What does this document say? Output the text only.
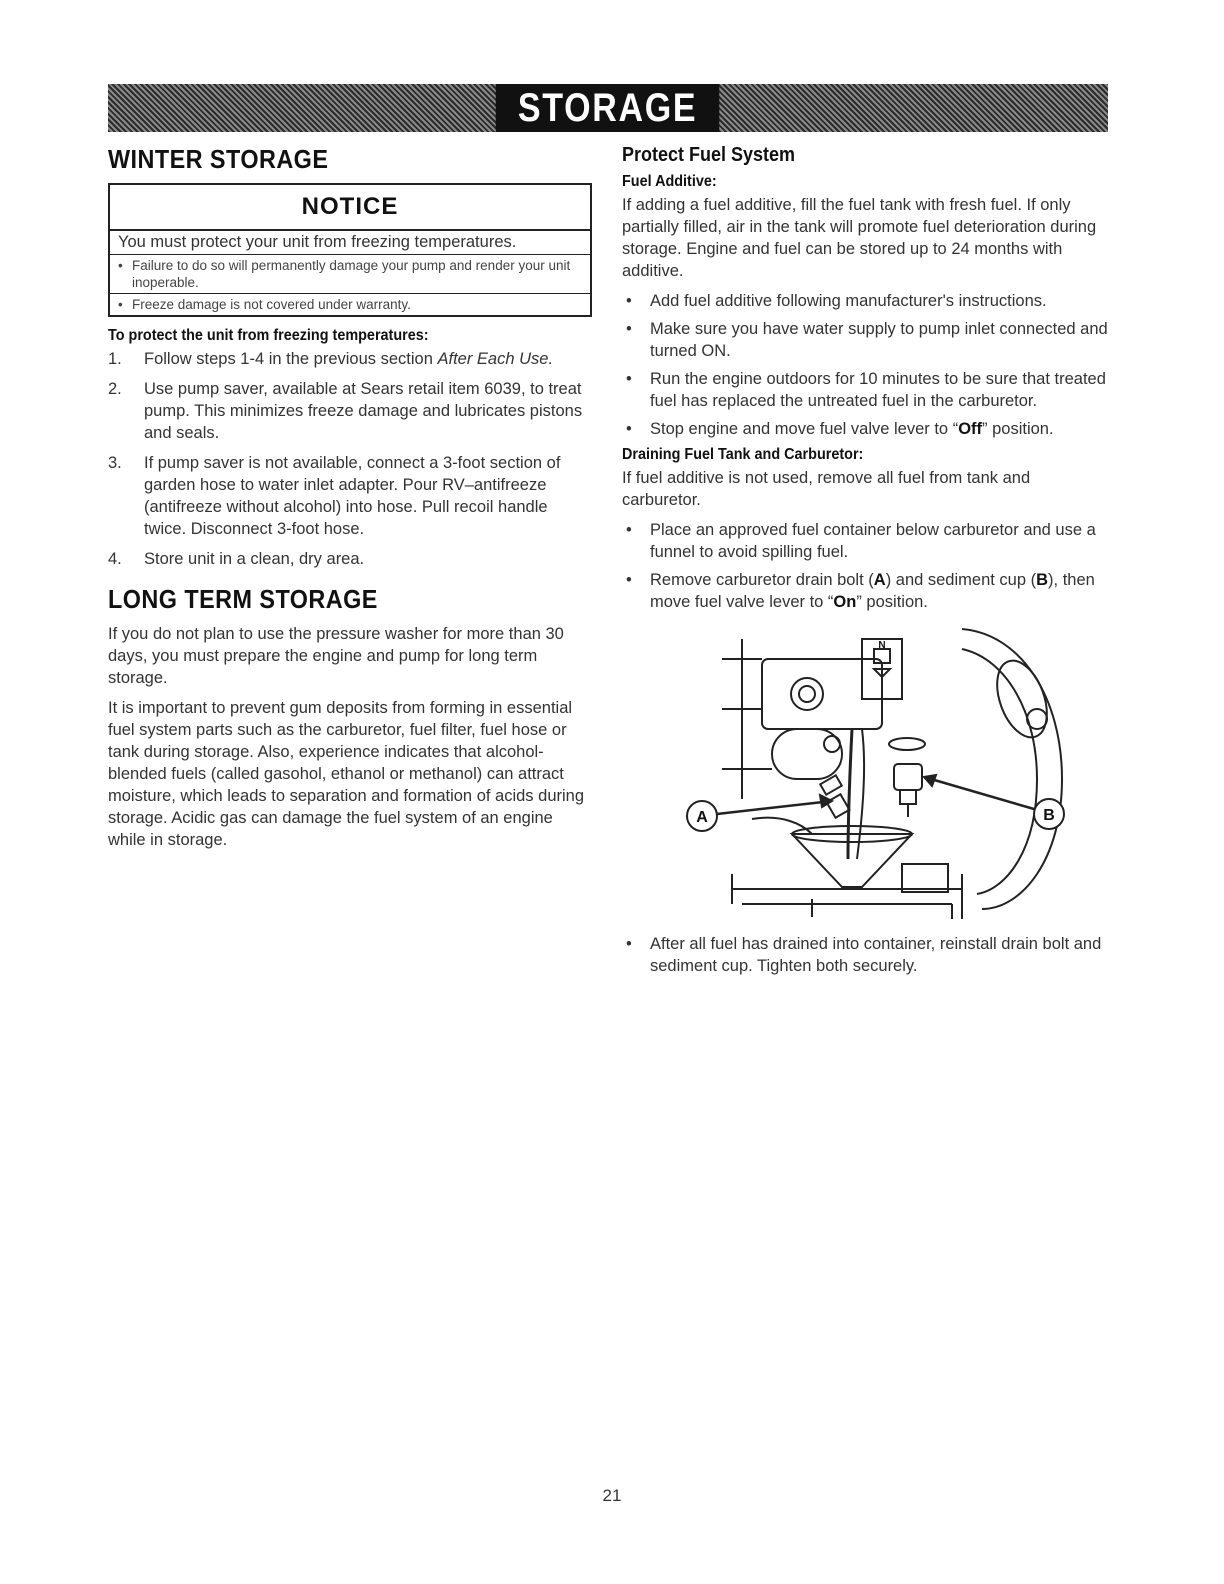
STORAGE
WINTER STORAGE
NOTICE
You must protect your unit from freezing temperatures.
• Failure to do so will permanently damage your pump and render your unit inoperable.
• Freeze damage is not covered under warranty.
To protect the unit from freezing temperatures:
1. Follow steps 1-4 in the previous section After Each Use.
2. Use pump saver, available at Sears retail item 6039, to treat pump. This minimizes freeze damage and lubricates pistons and seals.
3. If pump saver is not available, connect a 3-foot section of garden hose to water inlet adapter. Pour RV–antifreeze (antifreeze without alcohol) into hose. Pull recoil handle twice. Disconnect 3-foot hose.
4. Store unit in a clean, dry area.
LONG TERM STORAGE

If you do not plan to use the pressure washer for more than 30 days, you must prepare the engine and pump for long term storage.

It is important to prevent gum deposits from forming in essential fuel system parts such as the carburetor, fuel filter, fuel hose or tank during storage. Also, experience indicates that alcohol-blended fuels (called gasohol, ethanol or methanol) can attract moisture, which leads to separation and formation of acids during storage. Acidic gas can damage the fuel system of an engine while in storage.

Protect Fuel System
Fuel Additive:

If adding a fuel additive, fill the fuel tank with fresh fuel. If only partially filled, air in the tank will promote fuel deterioration during storage. Engine and fuel can be stored up to 24 months with additive.

• Add fuel additive following manufacturer's instructions.
• Make sure you have water supply to pump inlet connected and turned ON.
• Run the engine outdoors for 10 minutes to be sure that treated fuel has replaced the untreated fuel in the carburetor.
• Stop engine and move fuel valve lever to “Off” position.
Draining Fuel Tank and Carburetor:

If fuel additive is not used, remove all fuel from tank and carburetor.

• Place an approved fuel container below carburetor and use a funnel to avoid spilling fuel.
• Remove carburetor drain bolt (A) and sediment cup (B), then move fuel valve lever to “On” position.
A	B
N
• After all fuel has drained into container, reinstall drain bolt and sediment cup. Tighten both securely.
21
